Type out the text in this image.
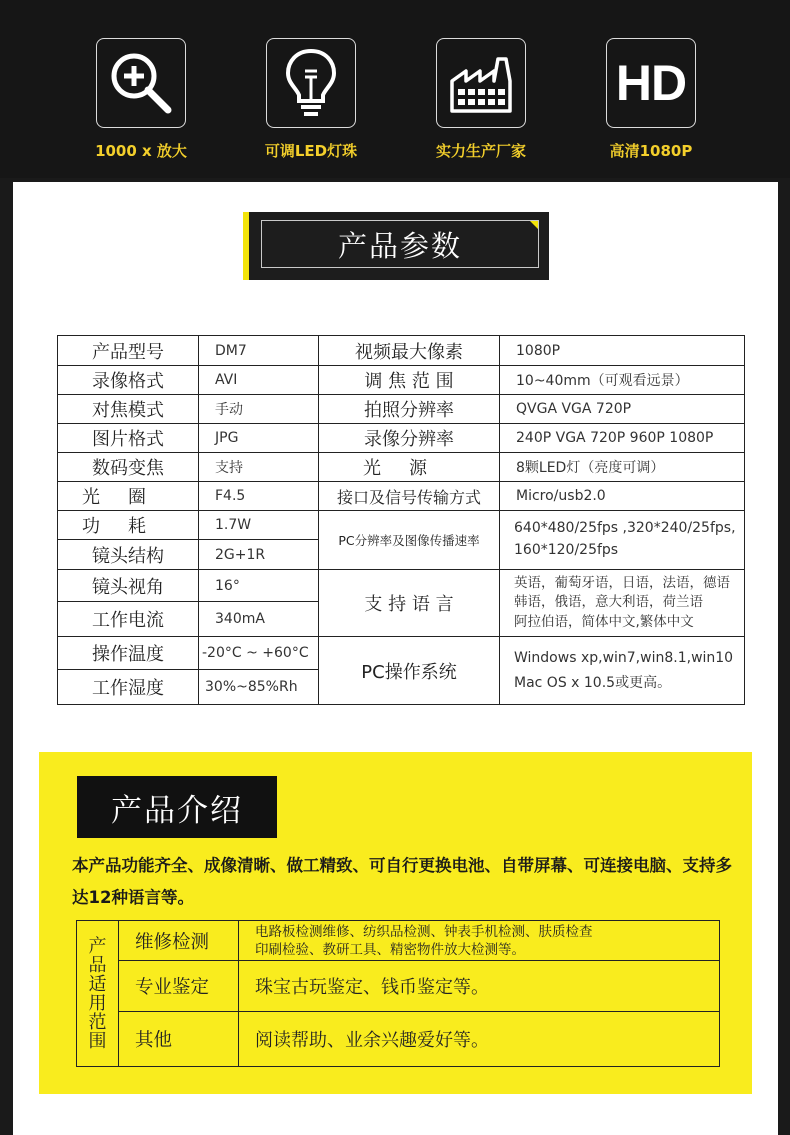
1000 x 放大	可调LED灯珠	实力生产厂家
HD
高清1080P
产品参数
产品型号	DM7	视频最大像素	1080P
录像格式	AVI	调 焦 范 围	10~40mm（可观看远景）
对焦模式	手动	拍照分辨率	QVGA VGA 720P
图片格式	JPG	录像分辨率	240P VGA 720P 960P 1080P
数码变焦	支持	光源	8颗LED灯（亮度可调）
光圈	F4.5	接口及信号传输方式	Micro/usb2.0
功耗	1.7W	PC分辨率及图像传播速率	640*480/25fps ,320*240/25fps,
160*120/25fps
镜头结构	2G+1R		
镜头视角	16°	支 持 语 言	英语，葡萄牙语，日语，法语，德语
韩语，俄语，意大利语，荷兰语
阿拉伯语，简体中文,繁体中文
工作电流	340mA		
操作温度	-20°C ~ +60°C	PC操作系统	Windows xp,win7,win8.1,win10
Mac OS x 10.5或更高。
工作湿度	30%~85%Rh		
产品介绍
本产品功能齐全、成像清晰、做工精致、可自行更换电池、自带屏幕、可连接电脑、支持多达12种语言等。
产
品
适
用
范
围
维修检测	电路板检测维修、纺织品检测、钟表手机检测、肤质检查
印刷检验、教研工具、精密物件放大检测等。
专业鉴定	珠宝古玩鉴定、钱币鉴定等。
其他	阅读帮助、业余兴趣爱好等。
